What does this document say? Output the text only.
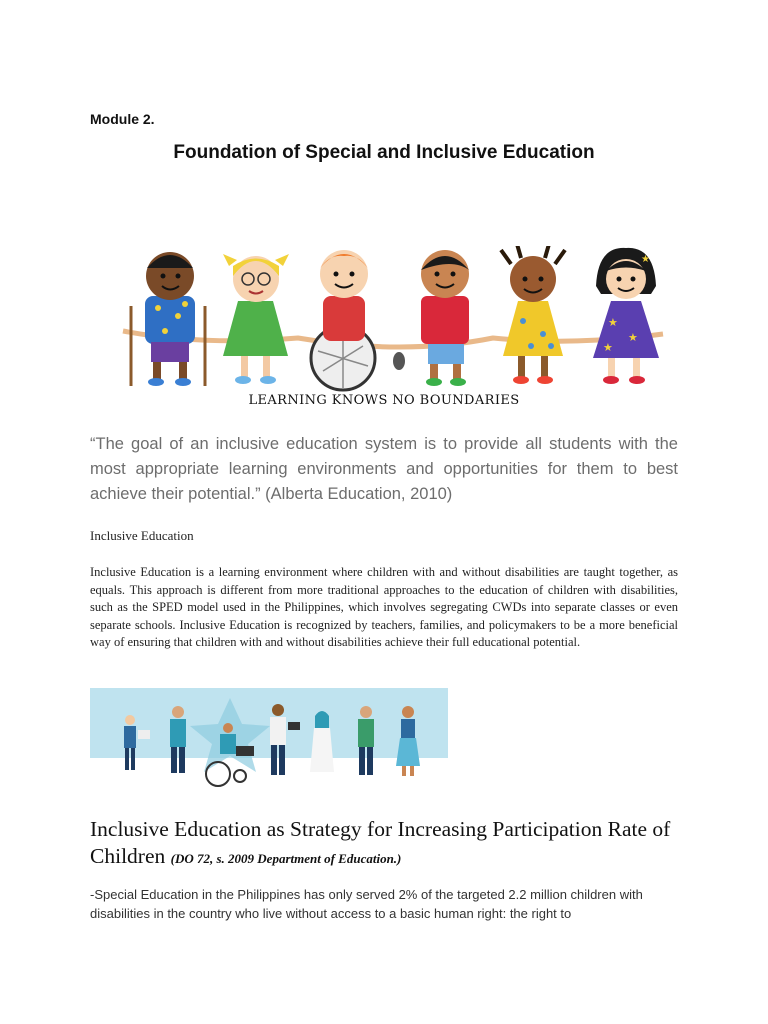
Module 2.
Foundation of Special and Inclusive Education
★
★
★
★
LEARNING KNOWS NO BOUNDARIES
“The goal of an inclusive education system is to provide all students with the most appropriate learning environments and opportunities for them to best achieve their potential.” (Alberta Education, 2010)
Inclusive Education
Inclusive Education is a learning environment where children with and without disabilities are taught together, as equals. This approach is different from more traditional approaches to the education of children with disabilities, such as the SPED model used in the Philippines, which involves segregating CWDs into separate classes or even separate schools. Inclusive Education is recognized by teachers, families, and policymakers to be a more beneficial way of ensuring that children with and without disabilities achieve their full educational potential.
Inclusive Education as Strategy for Increasing Participation Rate of Children (DO 72, s. 2009 Department of Education.)
-Special Education in the Philippines has only served 2% of the targeted 2.2 million children with disabilities in the country who live without access to a basic human right: the right to
